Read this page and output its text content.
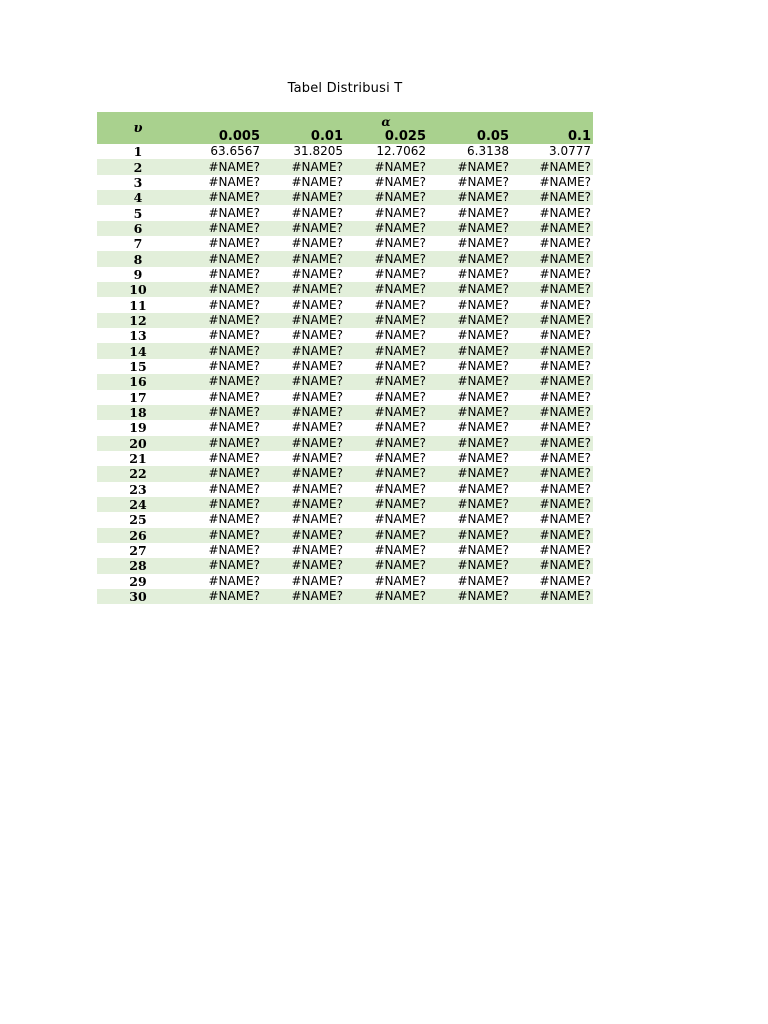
Tabel Distribusi T
υ	α				
	0.005	0.01	0.025	0.05	0.1
1	63.6567	31.8205	12.7062	6.3138	3.0777
2	#NAME?	#NAME?	#NAME?	#NAME?	#NAME?
3	#NAME?	#NAME?	#NAME?	#NAME?	#NAME?
4	#NAME?	#NAME?	#NAME?	#NAME?	#NAME?
5	#NAME?	#NAME?	#NAME?	#NAME?	#NAME?
6	#NAME?	#NAME?	#NAME?	#NAME?	#NAME?
7	#NAME?	#NAME?	#NAME?	#NAME?	#NAME?
8	#NAME?	#NAME?	#NAME?	#NAME?	#NAME?
9	#NAME?	#NAME?	#NAME?	#NAME?	#NAME?
10	#NAME?	#NAME?	#NAME?	#NAME?	#NAME?
11	#NAME?	#NAME?	#NAME?	#NAME?	#NAME?
12	#NAME?	#NAME?	#NAME?	#NAME?	#NAME?
13	#NAME?	#NAME?	#NAME?	#NAME?	#NAME?
14	#NAME?	#NAME?	#NAME?	#NAME?	#NAME?
15	#NAME?	#NAME?	#NAME?	#NAME?	#NAME?
16	#NAME?	#NAME?	#NAME?	#NAME?	#NAME?
17	#NAME?	#NAME?	#NAME?	#NAME?	#NAME?
18	#NAME?	#NAME?	#NAME?	#NAME?	#NAME?
19	#NAME?	#NAME?	#NAME?	#NAME?	#NAME?
20	#NAME?	#NAME?	#NAME?	#NAME?	#NAME?
21	#NAME?	#NAME?	#NAME?	#NAME?	#NAME?
22	#NAME?	#NAME?	#NAME?	#NAME?	#NAME?
23	#NAME?	#NAME?	#NAME?	#NAME?	#NAME?
24	#NAME?	#NAME?	#NAME?	#NAME?	#NAME?
25	#NAME?	#NAME?	#NAME?	#NAME?	#NAME?
26	#NAME?	#NAME?	#NAME?	#NAME?	#NAME?
27	#NAME?	#NAME?	#NAME?	#NAME?	#NAME?
28	#NAME?	#NAME?	#NAME?	#NAME?	#NAME?
29	#NAME?	#NAME?	#NAME?	#NAME?	#NAME?
30	#NAME?	#NAME?	#NAME?	#NAME?	#NAME?
